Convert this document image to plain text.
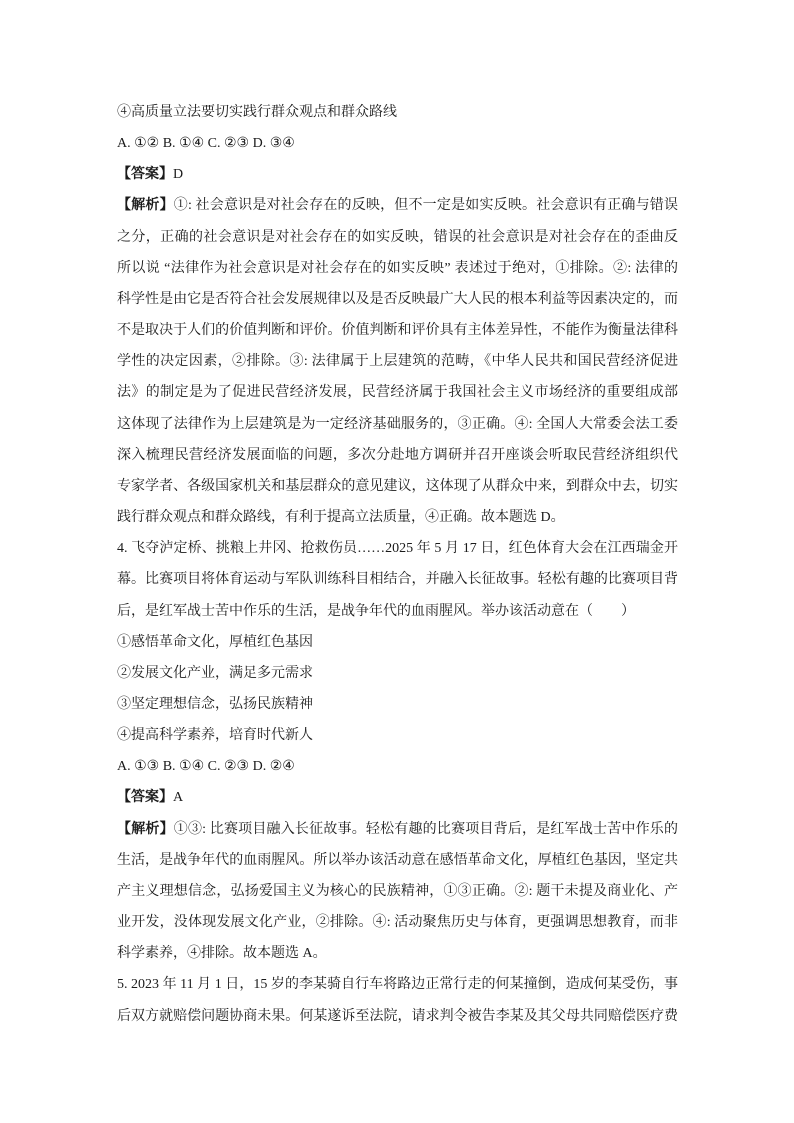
④高质量立法要切实践行群众观点和群众路线
A. ①② B. ①④ C. ②③ D. ③④
【答案】D
【解析】①: 社会意识是对社会存在的反映，但不一定是如实反映。社会意识有正确与错误
之分，正确的社会意识是对社会存在的如实反映，错误的社会意识是对社会存在的歪曲反
所以说 “法律作为社会意识是对社会存在的如实反映” 表述过于绝对，①排除。②: 法律的
科学性是由它是否符合社会发展规律以及是否反映最广大人民的根本利益等因素决定的，而
不是取决于人们的价值判断和评价。价值判断和评价具有主体差异性，不能作为衡量法律科
学性的决定因素，②排除。③: 法律属于上层建筑的范畴，《中华人民共和国民营经济促进
法》的制定是为了促进民营经济发展，民营经济属于我国社会主义市场经济的重要组成部
这体现了法律作为上层建筑是为一定经济基础服务的，③正确。④: 全国人大常委会法工委
深入梳理民营经济发展面临的问题，多次分赴地方调研并召开座谈会听取民营经济组织代
专家学者、各级国家机关和基层群众的意见建议，这体现了从群众中来，到群众中去，切实
践行群众观点和群众路线，有利于提高立法质量，④正确。故本题选 D。
4. 飞夺泸定桥、挑粮上井冈、抢救伤员……2025 年 5 月 17 日，红色体育大会在江西瑞金开
幕。比赛项目将体育运动与军队训练科目相结合，并融入长征故事。轻松有趣的比赛项目背
后，是红军战士苦中作乐的生活，是战争年代的血雨腥风。举办该活动意在（　　）
①感悟革命文化，厚植红色基因
②发展文化产业，满足多元需求
③坚定理想信念，弘扬民族精神
④提高科学素养，培育时代新人
A. ①③ B. ①④ C. ②③ D. ②④
【答案】A
【解析】①③: 比赛项目融入长征故事。轻松有趣的比赛项目背后，是红军战士苦中作乐的
生活，是战争年代的血雨腥风。所以举办该活动意在感悟革命文化，厚植红色基因，坚定共
产主义理想信念，弘扬爱国主义为核心的民族精神，①③正确。②: 题干未提及商业化、产
业开发，没体现发展文化产业，②排除。④: 活动聚焦历史与体育，更强调思想教育，而非
科学素养，④排除。故本题选 A。
5. 2023 年 11 月 1 日，15 岁的李某骑自行车将路边正常行走的何某撞倒，造成何某受伤，事
后双方就赔偿问题协商未果。何某遂诉至法院，请求判令被告李某及其父母共同赔偿医疗费
